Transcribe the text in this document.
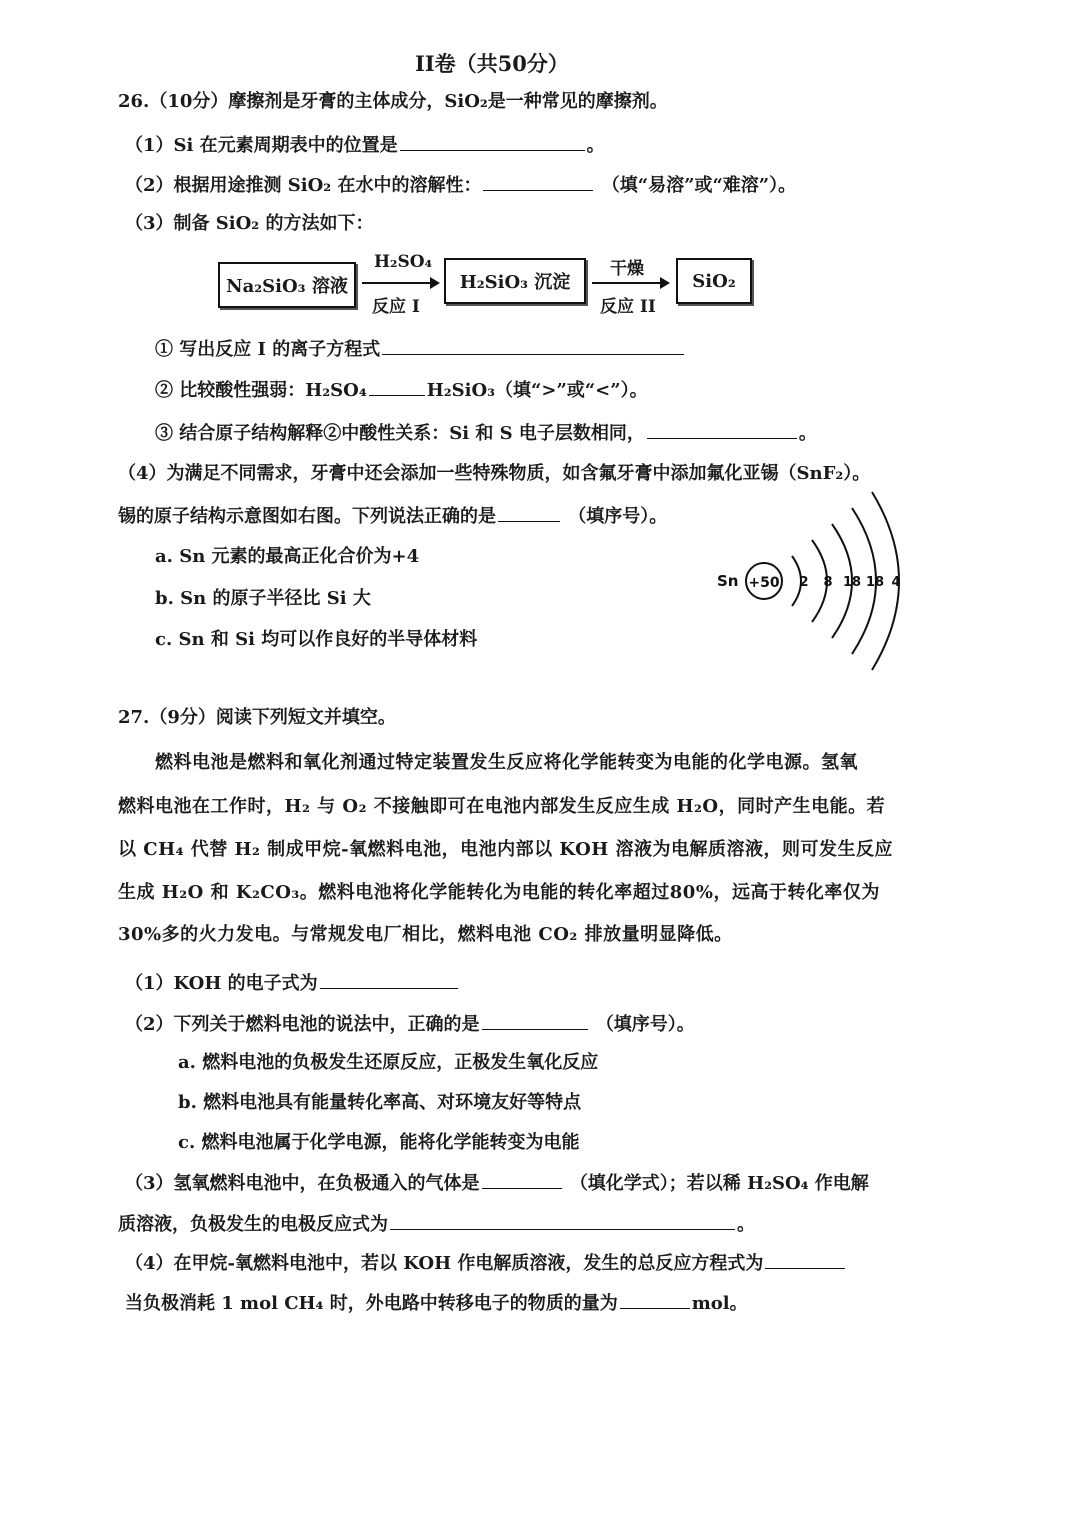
II卷（共50分）
26.（10分）摩擦剂是牙膏的主体成分，SiO₂是一种常见的摩擦剂。
（1）Si 在元素周期表中的位置是	。
（2）根据用途推测 SiO₂ 在水中的溶解性：	（填“易溶”或“难溶”）。
（3）制备 SiO₂ 的方法如下：
Na₂SiO₃ 溶液
H₂SO₄
反应 I
H₂SiO₃ 沉淀
干燥
反应 II
SiO₂
① 写出反应 I 的离子方程式
② 比较酸性强弱：H₂SO₄	H₂SiO₃（填“>”或“<”）。
③ 结合原子结构解释②中酸性关系：Si 和 S 电子层数相同，	。
（4）为满足不同需求，牙膏中还会添加一些特殊物质，如含氟牙膏中添加氟化亚锡（SnF₂）。
锡的原子结构示意图如右图。下列说法正确的是	（填序号）。
a. Sn 元素的最高正化合价为+4
b. Sn 的原子半径比 Si 大
c. Sn 和 Si 均可以作良好的半导体材料
Sn +50 2 8 18 18 4
27.（9分）阅读下列短文并填空。
燃料电池是燃料和氧化剂通过特定装置发生反应将化学能转变为电能的化学电源。氢氧
燃料电池在工作时，H₂ 与 O₂ 不接触即可在电池内部发生反应生成 H₂O，同时产生电能。若
以 CH₄ 代替 H₂ 制成甲烷-氧燃料电池，电池内部以 KOH 溶液为电解质溶液，则可发生反应
生成 H₂O 和 K₂CO₃。燃料电池将化学能转化为电能的转化率超过80%，远高于转化率仅为
30%多的火力发电。与常规发电厂相比，燃料电池 CO₂ 排放量明显降低。
（1）KOH 的电子式为
（2）下列关于燃料电池的说法中，正确的是	（填序号）。
a. 燃料电池的负极发生还原反应，正极发生氧化反应
b. 燃料电池具有能量转化率高、对环境友好等特点
c. 燃料电池属于化学电源，能将化学能转变为电能
（3）氢氧燃料电池中，在负极通入的气体是	（填化学式）；若以稀 H₂SO₄ 作电解
质溶液，负极发生的电极反应式为	。
（4）在甲烷-氧燃料电池中，若以 KOH 作电解质溶液，发生的总反应方程式为
当负极消耗 1 mol CH₄ 时，外电路中转移电子的物质的量为	mol。
